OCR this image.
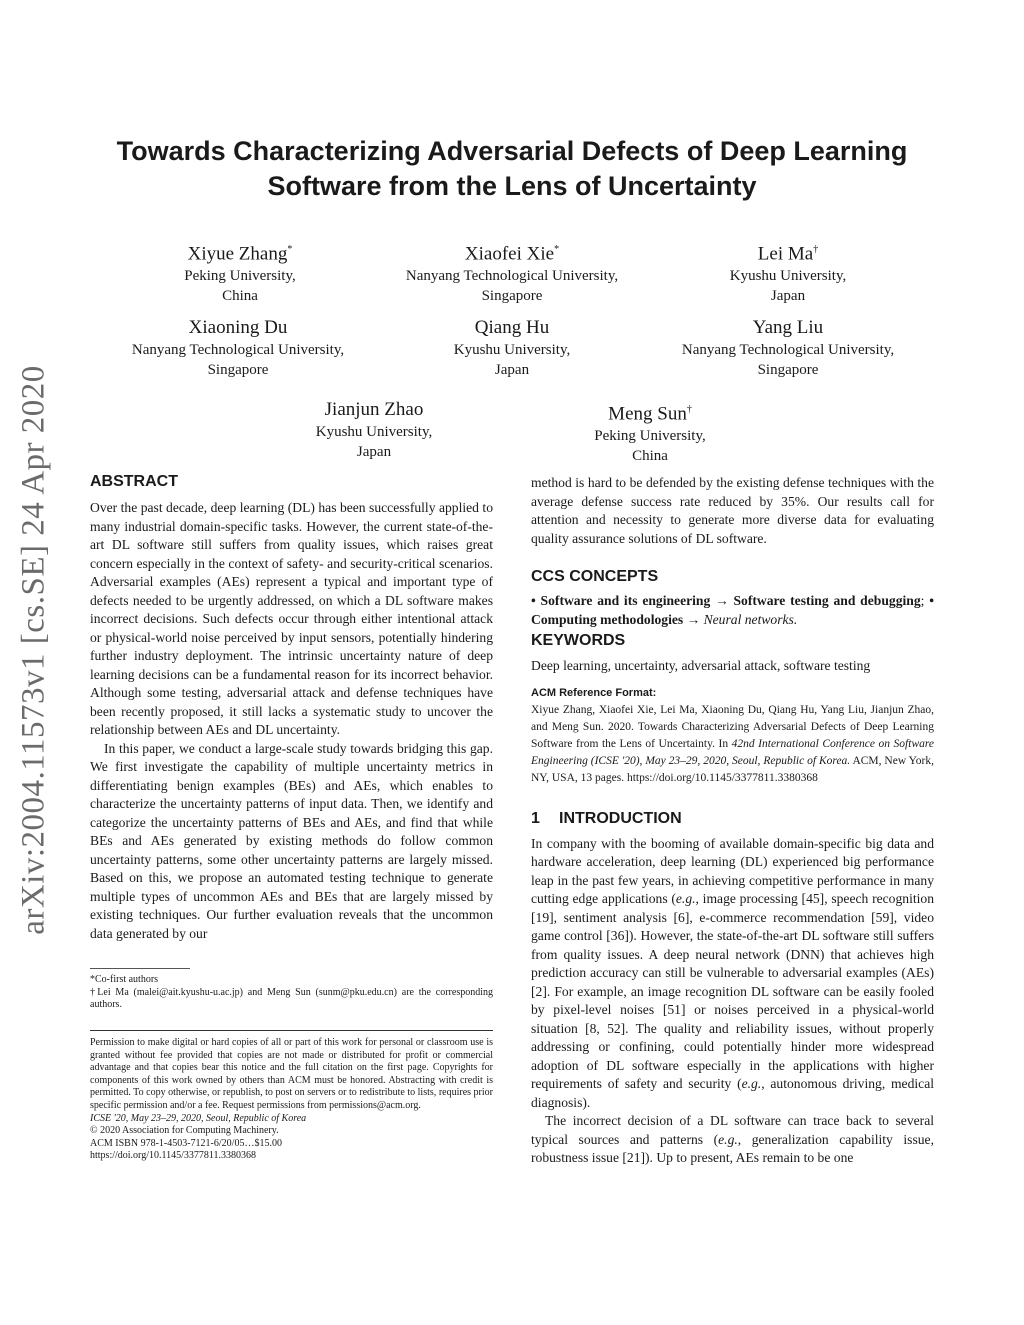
arXiv:2004.11573v1 [cs.SE] 24 Apr 2020
Towards Characterizing Adversarial Defects of Deep Learning
Software from the Lens of Uncertainty
Xiyue Zhang*
Peking University,
China
Xiaofei Xie*
Nanyang Technological University,
Singapore
Lei Ma†
Kyushu University,
Japan
Xiaoning Du
Nanyang Technological University,
Singapore
Qiang Hu
Kyushu University,
Japan
Yang Liu
Nanyang Technological University,
Singapore
Jianjun Zhao
Kyushu University,
Japan
Meng Sun†
Peking University,
China
ABSTRACT

Over the past decade, deep learning (DL) has been successfully applied to many industrial domain-specific tasks. However, the current state-of-the-art DL software still suffers from quality issues, which raises great concern especially in the context of safety- and security-critical scenarios. Adversarial examples (AEs) represent a typical and important type of defects needed to be urgently addressed, on which a DL software makes incorrect decisions. Such defects occur through either intentional attack or physical-world noise perceived by input sensors, potentially hindering further industry deployment. The intrinsic uncertainty nature of deep learning decisions can be a fundamental reason for its incorrect behavior. Although some testing, adversarial attack and defense techniques have been recently proposed, it still lacks a systematic study to uncover the relationship between AEs and DL uncertainty.

In this paper, we conduct a large-scale study towards bridging this gap. We first investigate the capability of multiple uncertainty metrics in differentiating benign examples (BEs) and AEs, which enables to characterize the uncertainty patterns of input data. Then, we identify and categorize the uncertainty patterns of BEs and AEs, and find that while BEs and AEs generated by existing methods do follow common uncertainty patterns, some other uncertainty patterns are largely missed. Based on this, we propose an automated testing technique to generate multiple types of uncommon AEs and BEs that are largely missed by existing techniques. Our further evaluation reveals that the uncommon data generated by our

*Co-first authors
†Lei Ma (malei@ait.kyushu-u.ac.jp) and Meng Sun (sunm@pku.edu.cn) are the corresponding authors.
Permission to make digital or hard copies of all or part of this work for personal or classroom use is granted without fee provided that copies are not made or distributed for profit or commercial advantage and that copies bear this notice and the full citation on the first page. Copyrights for components of this work owned by others than ACM must be honored. Abstracting with credit is permitted. To copy otherwise, or republish, to post on servers or to redistribute to lists, requires prior specific permission and/or a fee. Request permissions from permissions@acm.org.
ICSE '20, May 23–29, 2020, Seoul, Republic of Korea
© 2020 Association for Computing Machinery.
ACM ISBN 978-1-4503-7121-6/20/05…$15.00
https://doi.org/10.1145/3377811.3380368

method is hard to be defended by the existing defense techniques with the average defense success rate reduced by 35%. Our results call for attention and necessity to generate more diverse data for evaluating quality assurance solutions of DL software.

CCS CONCEPTS

• Software and its engineering → Software testing and debugging; • Computing methodologies → Neural networks.

KEYWORDS

Deep learning, uncertainty, adversarial attack, software testing

ACM Reference Format:
Xiyue Zhang, Xiaofei Xie, Lei Ma, Xiaoning Du, Qiang Hu, Yang Liu, Jianjun Zhao, and Meng Sun. 2020. Towards Characterizing Adversarial Defects of Deep Learning Software from the Lens of Uncertainty. In 42nd International Conference on Software Engineering (ICSE '20), May 23–29, 2020, Seoul, Republic of Korea. ACM, New York, NY, USA, 13 pages. https://doi.org/10.1145/3377811.3380368
1 INTRODUCTION

In company with the booming of available domain-specific big data and hardware acceleration, deep learning (DL) experienced big performance leap in the past few years, in achieving competitive performance in many cutting edge applications (e.g., image processing [45], speech recognition [19], sentiment analysis [6], e-commerce recommendation [59], video game control [36]). However, the state-of-the-art DL software still suffers from quality issues. A deep neural network (DNN) that achieves high prediction accuracy can still be vulnerable to adversarial examples (AEs) [2]. For example, an image recognition DL software can be easily fooled by pixel-level noises [51] or noises perceived in a physical-world situation [8, 52]. The quality and reliability issues, without properly addressing or confining, could potentially hinder more widespread adoption of DL software especially in the applications with higher requirements of safety and security (e.g., autonomous driving, medical diagnosis).

The incorrect decision of a DL software can trace back to several typical sources and patterns (e.g., generalization capability issue, robustness issue [21]). Up to present, AEs remain to be one
